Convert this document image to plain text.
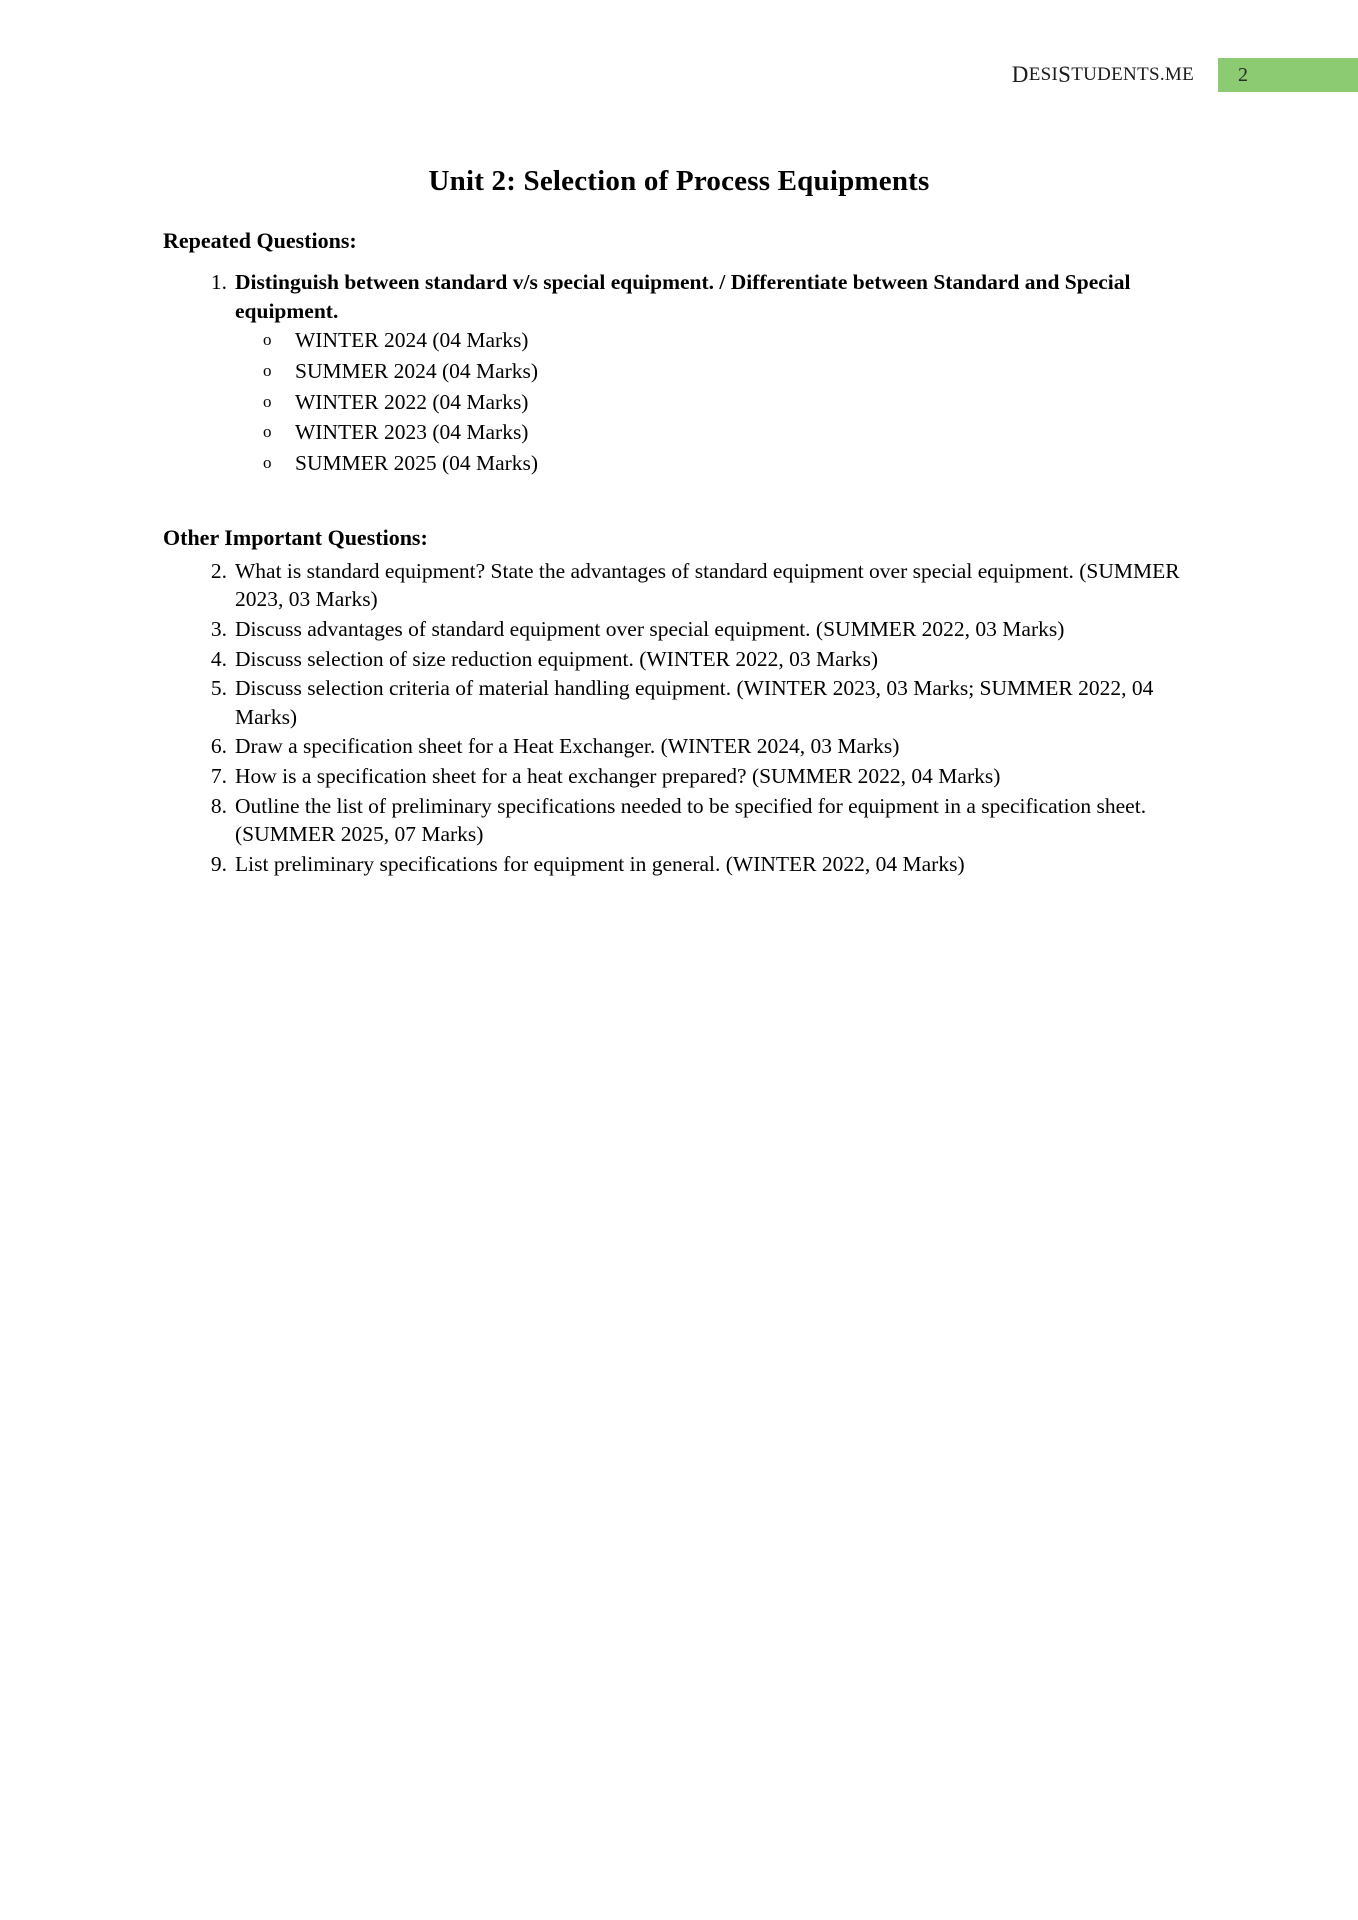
D ESI S TUDENTS .ME 2
Unit 2: Selection of Process Equipments
Repeated Questions:
1. Distinguish between standard v/s special equipment. / Differentiate between Standard and Special equipment.
o WINTER 2024 (04 Marks)
o SUMMER 2024 (04 Marks)
o WINTER 2022 (04 Marks)
o WINTER 2023 (04 Marks)
o SUMMER 2025 (04 Marks)
Other Important Questions:
2. What is standard equipment? State the advantages of standard equipment over special equipment. (SUMMER 2023, 03 Marks)
3. Discuss advantages of standard equipment over special equipment. (SUMMER 2022, 03 Marks)
4. Discuss selection of size reduction equipment. (WINTER 2022, 03 Marks)
5. Discuss selection criteria of material handling equipment. (WINTER 2023, 03 Marks; SUMMER 2022, 04 Marks)
6. Draw a specification sheet for a Heat Exchanger. (WINTER 2024, 03 Marks)
7. How is a specification sheet for a heat exchanger prepared? (SUMMER 2022, 04 Marks)
8. Outline the list of preliminary specifications needed to be specified for equipment in a specification sheet. (SUMMER 2025, 07 Marks)
9. List preliminary specifications for equipment in general. (WINTER 2022, 04 Marks)
